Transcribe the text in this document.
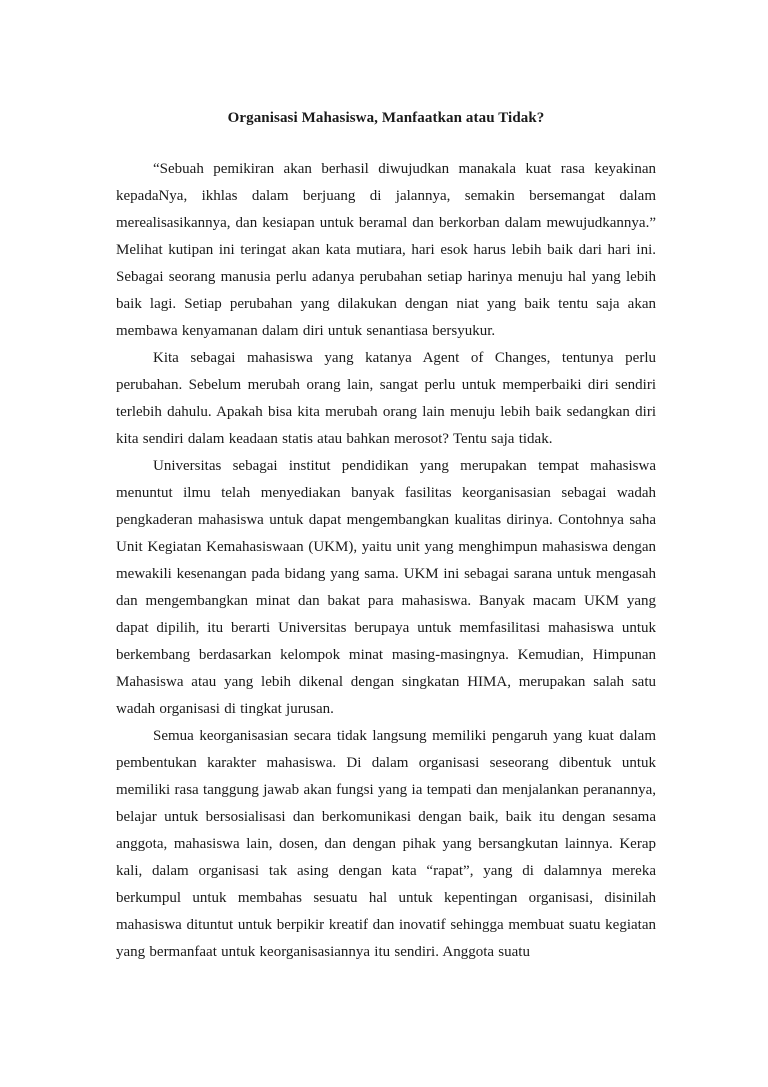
Organisasi Mahasiswa, Manfaatkan atau Tidak?

“Sebuah pemikiran akan berhasil diwujudkan manakala kuat rasa keyakinan kepadaNya, ikhlas dalam berjuang di jalannya, semakin bersemangat dalam merealisasikannya, dan kesiapan untuk beramal dan berkorban dalam mewujudkannya.” Melihat kutipan ini teringat akan kata mutiara, hari esok harus lebih baik dari hari ini. Sebagai seorang manusia perlu adanya perubahan setiap harinya menuju hal yang lebih baik lagi. Setiap perubahan yang dilakukan dengan niat yang baik tentu saja akan membawa kenyamanan dalam diri untuk senantiasa bersyukur.

Kita sebagai mahasiswa yang katanya Agent of Changes, tentunya perlu perubahan. Sebelum merubah orang lain, sangat perlu untuk memperbaiki diri sendiri terlebih dahulu. Apakah bisa kita merubah orang lain menuju lebih baik sedangkan diri kita sendiri dalam keadaan statis atau bahkan merosot? Tentu saja tidak.

Universitas sebagai institut pendidikan yang merupakan tempat mahasiswa menuntut ilmu telah menyediakan banyak fasilitas keorganisasian sebagai wadah pengkaderan mahasiswa untuk dapat mengembangkan kualitas dirinya. Contohnya saha Unit Kegiatan Kemahasiswaan (UKM), yaitu unit yang menghimpun mahasiswa dengan mewakili kesenangan pada bidang yang sama. UKM ini sebagai sarana untuk mengasah dan mengembangkan minat dan bakat para mahasiswa. Banyak macam UKM yang dapat dipilih, itu berarti Universitas berupaya untuk memfasilitasi mahasiswa untuk berkembang berdasarkan kelompok minat masing-masingnya. Kemudian, Himpunan Mahasiswa atau yang lebih dikenal dengan singkatan HIMA, merupakan salah satu wadah organisasi di tingkat jurusan.

Semua keorganisasian secara tidak langsung memiliki pengaruh yang kuat dalam pembentukan karakter mahasiswa. Di dalam organisasi seseorang dibentuk untuk memiliki rasa tanggung jawab akan fungsi yang ia tempati dan menjalankan peranannya, belajar untuk bersosialisasi dan berkomunikasi dengan baik, baik itu dengan sesama anggota, mahasiswa lain, dosen, dan dengan pihak yang bersangkutan lainnya. Kerap kali, dalam organisasi tak asing dengan kata “rapat”, yang di dalamnya mereka berkumpul untuk membahas sesuatu hal untuk kepentingan organisasi, disinilah mahasiswa dituntut untuk berpikir kreatif dan inovatif sehingga membuat suatu kegiatan yang bermanfaat untuk keorganisasiannya itu sendiri. Anggota suatu
